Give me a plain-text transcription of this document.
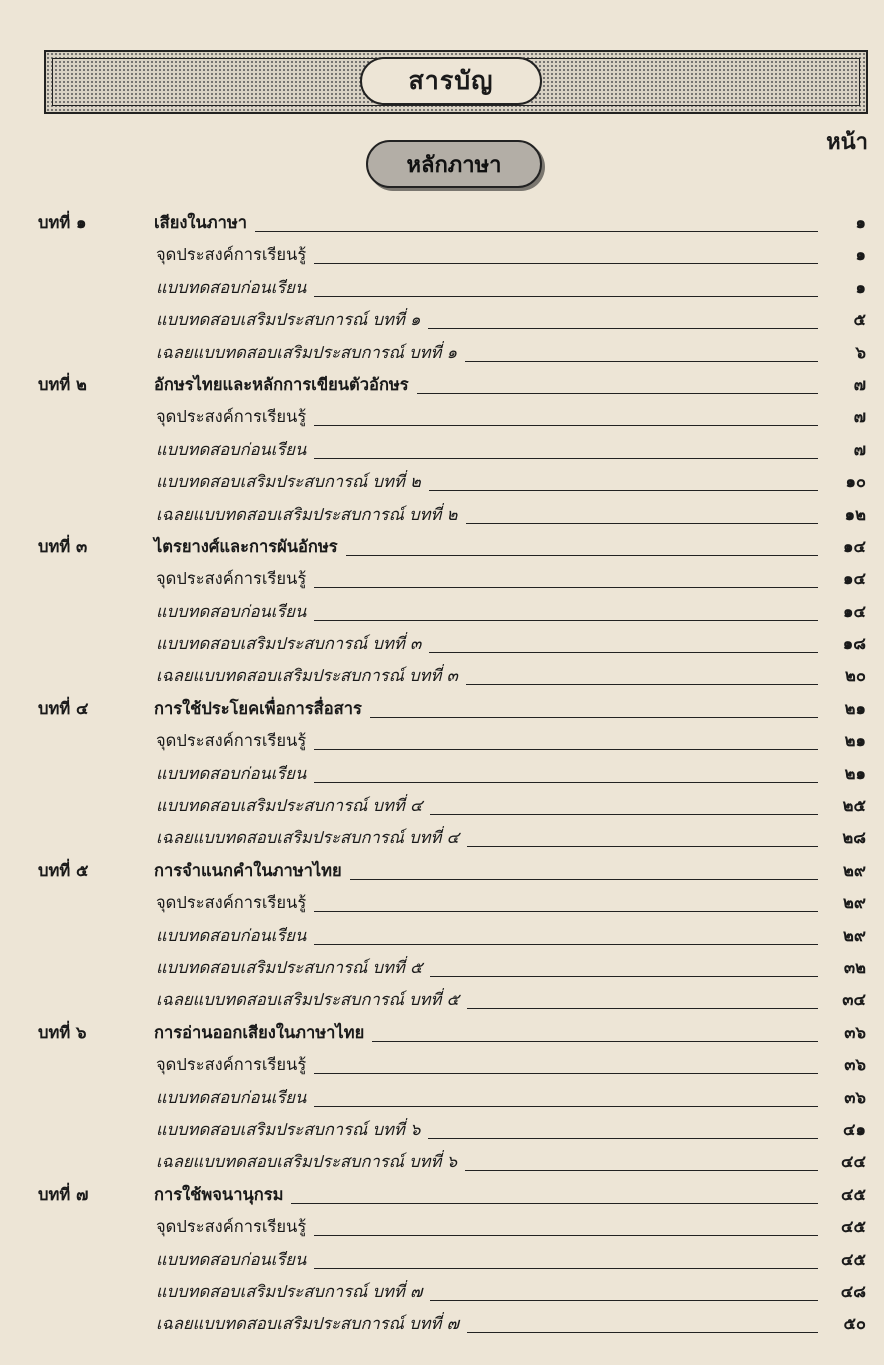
สารบัญ
หน้า
หลักภาษา
บทที่ ๑	เสียงในภาษา	๑
จุดประสงค์การเรียนรู้	๑
แบบทดสอบก่อนเรียน	๑
แบบทดสอบเสริมประสบการณ์ บทที่ ๑	๕
เฉลยแบบทดสอบเสริมประสบการณ์ บทที่ ๑	๖
บทที่ ๒	อักษรไทยและหลักการเขียนตัวอักษร	๗
จุดประสงค์การเรียนรู้	๗
แบบทดสอบก่อนเรียน	๗
แบบทดสอบเสริมประสบการณ์ บทที่ ๒	๑๐
เฉลยแบบทดสอบเสริมประสบการณ์ บทที่ ๒	๑๒
บทที่ ๓	ไตรยางศ์และการผันอักษร	๑๔
จุดประสงค์การเรียนรู้	๑๔
แบบทดสอบก่อนเรียน	๑๔
แบบทดสอบเสริมประสบการณ์ บทที่ ๓	๑๘
เฉลยแบบทดสอบเสริมประสบการณ์ บทที่ ๓	๒๐
บทที่ ๔	การใช้ประโยคเพื่อการสื่อสาร	๒๑
จุดประสงค์การเรียนรู้	๒๑
แบบทดสอบก่อนเรียน	๒๑
แบบทดสอบเสริมประสบการณ์ บทที่ ๔	๒๕
เฉลยแบบทดสอบเสริมประสบการณ์ บทที่ ๔	๒๘
บทที่ ๕	การจำแนกคำในภาษาไทย	๒๙
จุดประสงค์การเรียนรู้	๒๙
แบบทดสอบก่อนเรียน	๒๙
แบบทดสอบเสริมประสบการณ์ บทที่ ๕	๓๒
เฉลยแบบทดสอบเสริมประสบการณ์ บทที่ ๕	๓๔
บทที่ ๖	การอ่านออกเสียงในภาษาไทย	๓๖
จุดประสงค์การเรียนรู้	๓๖
แบบทดสอบก่อนเรียน	๓๖
แบบทดสอบเสริมประสบการณ์ บทที่ ๖	๔๑
เฉลยแบบทดสอบเสริมประสบการณ์ บทที่ ๖	๔๔
บทที่ ๗	การใช้พจนานุกรม	๔๕
จุดประสงค์การเรียนรู้	๔๕
แบบทดสอบก่อนเรียน	๔๕
แบบทดสอบเสริมประสบการณ์ บทที่ ๗	๔๘
เฉลยแบบทดสอบเสริมประสบการณ์ บทที่ ๗	๕๐
